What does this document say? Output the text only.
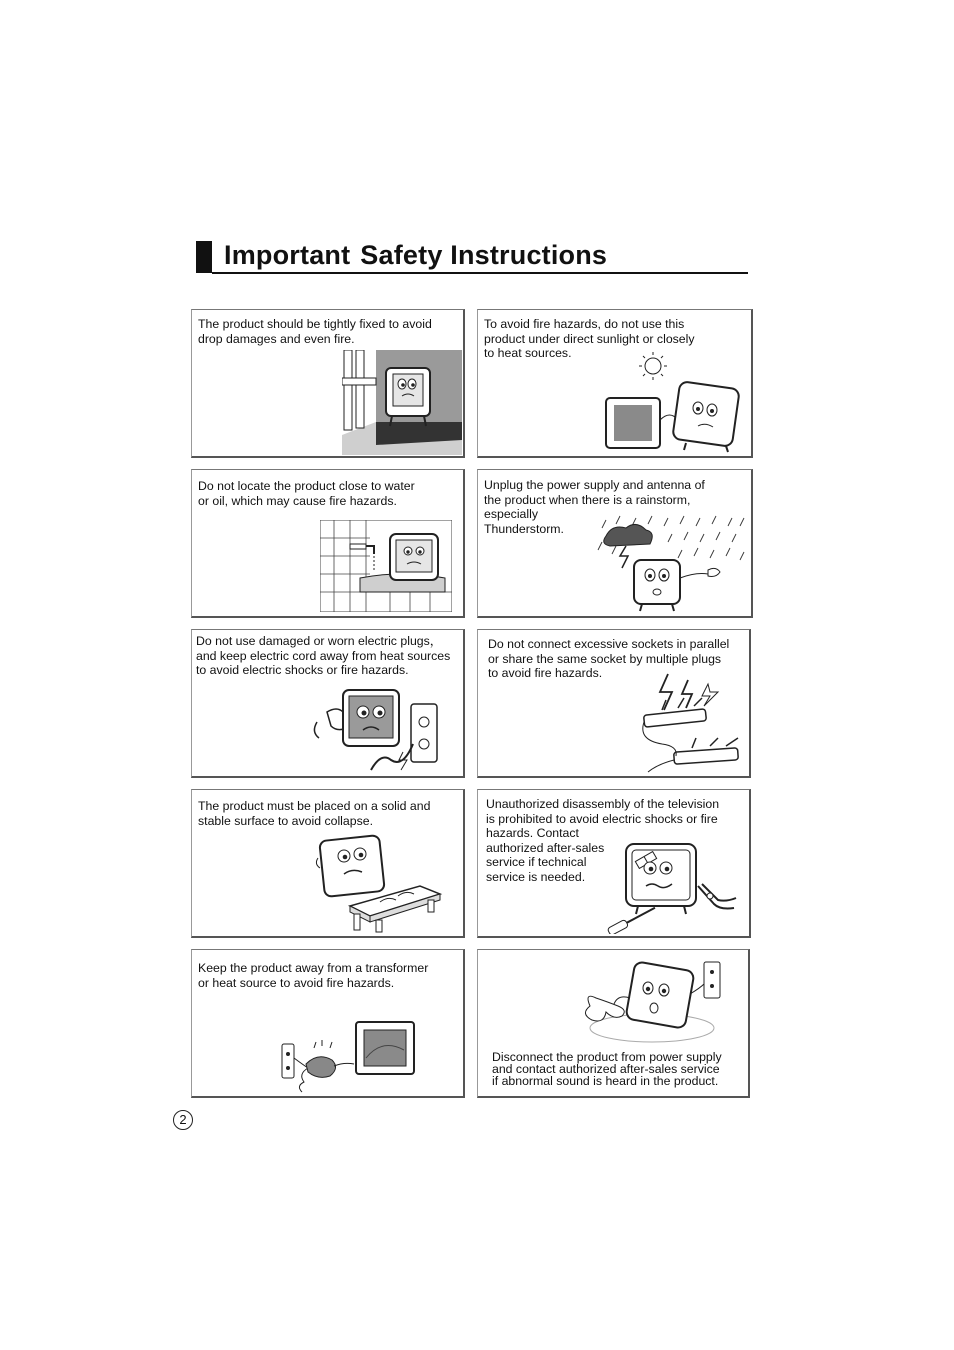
Important Safety Instructions
The product should be tightly fixed to avoid
drop damages and even fire.
To avoid fire hazards, do not use this
product under direct sunlight or closely
to heat sources.
Do not locate the product close to water
or oil, which may cause fire hazards.
Unplug the power supply and antenna of
the product when there is a rainstorm,
especially
Thunderstorm.
Do not use damaged or worn electric plugs，
and keep electric cord away from heat sources
to avoid electric shocks or fire hazards.
Do not connect excessive sockets in parallel
or share the same socket by multiple plugs
to avoid fire hazards.
The product must be placed on a solid and
stable surface to avoid collapse.
Unauthorized disassembly of the television
is prohibited to avoid electric shocks or fire
hazards. Contact
authorized after-sales
service if technical
service is needed.
Keep the product away from a transformer
or heat source to avoid fire hazards.
Disconnect the product from power supply
and contact authorized after-sales service
if abnormal sound is heard in the product.
2
